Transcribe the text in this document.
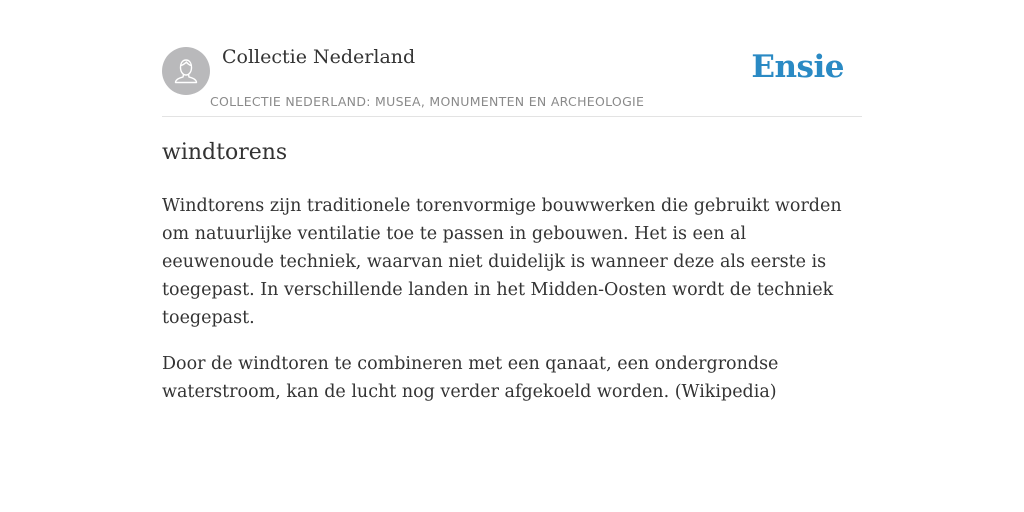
Collectie Nederland
COLLECTIE NEDERLAND: MUSEA, MONUMENTEN EN ARCHEOLOGIE
Ensie
windtorens

Windtorens zijn traditionele torenvormige bouwwerken die gebruikt worden om natuurlijke ventilatie toe te passen in gebouwen. Het is een al eeuwenoude techniek, waarvan niet duidelijk is wanneer deze als eerste is toegepast. In verschillende landen in het Midden-Oosten wordt de techniek toegepast.

Door de windtoren te combineren met een qanaat, een ondergrondse waterstroom, kan de lucht nog verder afgekoeld worden. (Wikipedia)
